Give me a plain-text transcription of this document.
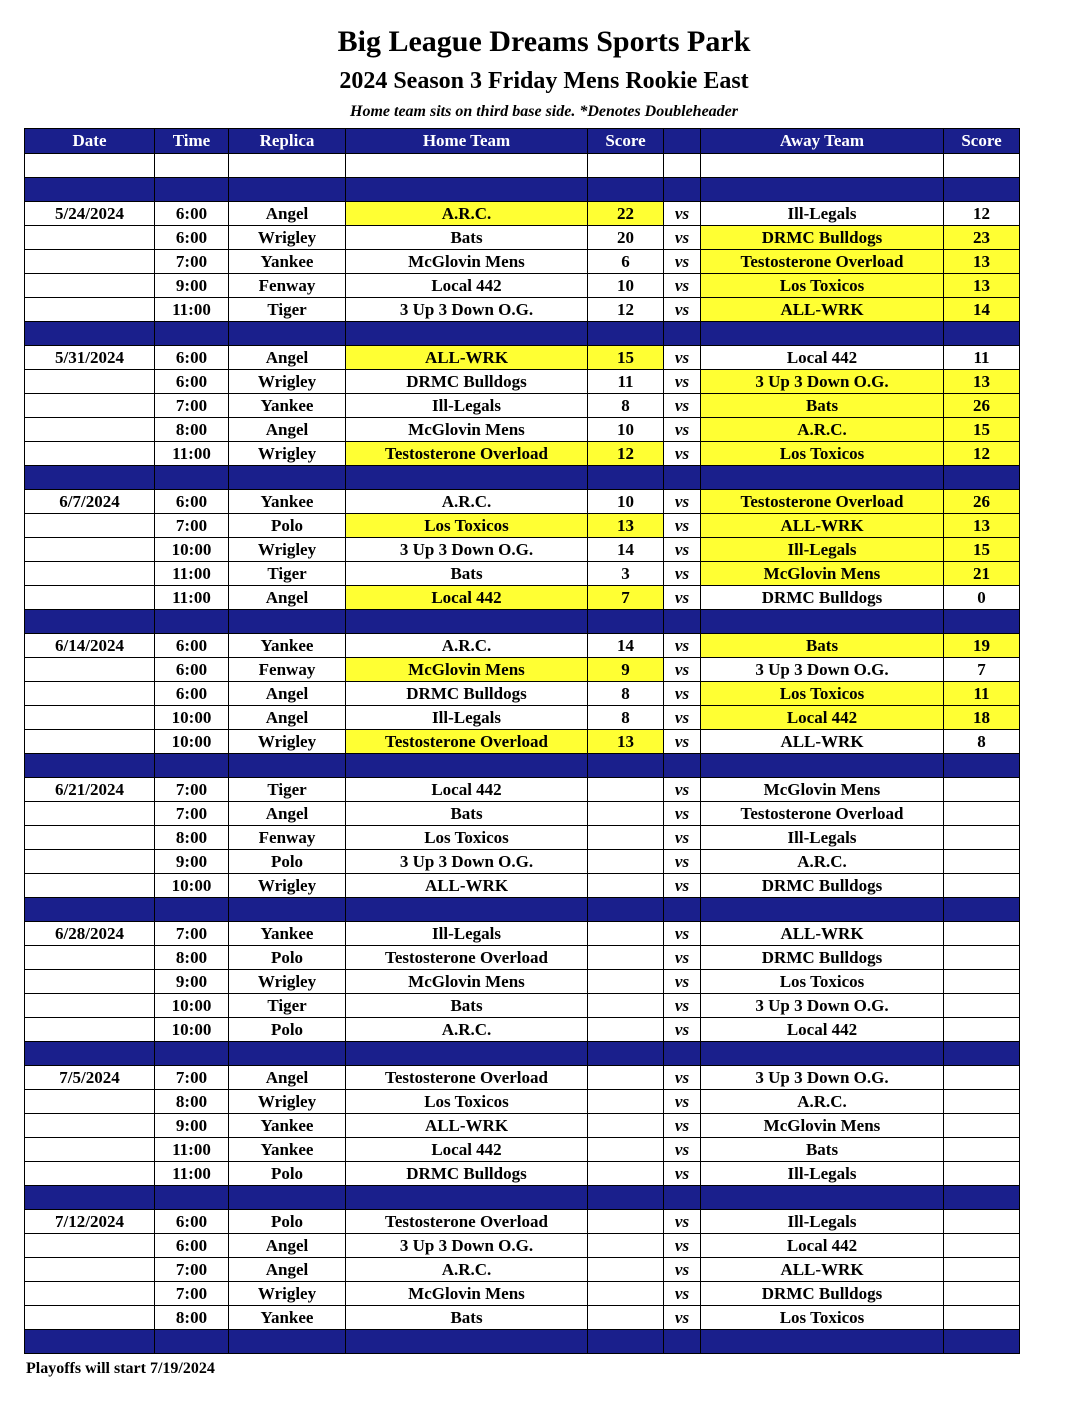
Big League Dreams Sports Park
2024 Season 3 Friday Mens Rookie East
Home team sits on third base side. *Denotes Doubleheader
Date	Time	Replica	Home Team	Score		Away Team	Score

5/24/2024	6:00	Angel	A.R.C.	22	vs	Ill-Legals	12
	6:00	Wrigley	Bats	20	vs	DRMC Bulldogs	23
	7:00	Yankee	McGlovin Mens	6	vs	Testosterone Overload	13
	9:00	Fenway	Local 442	10	vs	Los Toxicos	13
	11:00	Tiger	3 Up 3 Down O.G.	12	vs	ALL-WRK	14

5/31/2024	6:00	Angel	ALL-WRK	15	vs	Local 442	11
	6:00	Wrigley	DRMC Bulldogs	11	vs	3 Up 3 Down O.G.	13
	7:00	Yankee	Ill-Legals	8	vs	Bats	26
	8:00	Angel	McGlovin Mens	10	vs	A.R.C.	15
	11:00	Wrigley	Testosterone Overload	12	vs	Los Toxicos	12

6/7/2024	6:00	Yankee	A.R.C.	10	vs	Testosterone Overload	26
	7:00	Polo	Los Toxicos	13	vs	ALL-WRK	13
	10:00	Wrigley	3 Up 3 Down O.G.	14	vs	Ill-Legals	15
	11:00	Tiger	Bats	3	vs	McGlovin Mens	21
	11:00	Angel	Local 442	7	vs	DRMC Bulldogs	0

6/14/2024	6:00	Yankee	A.R.C.	14	vs	Bats	19
	6:00	Fenway	McGlovin Mens	9	vs	3 Up 3 Down O.G.	7
	6:00	Angel	DRMC Bulldogs	8	vs	Los Toxicos	11
	10:00	Angel	Ill-Legals	8	vs	Local 442	18
	10:00	Wrigley	Testosterone Overload	13	vs	ALL-WRK	8

6/21/2024	7:00	Tiger	Local 442		vs	McGlovin Mens	
	7:00	Angel	Bats		vs	Testosterone Overload	
	8:00	Fenway	Los Toxicos		vs	Ill-Legals	
	9:00	Polo	3 Up 3 Down O.G.		vs	A.R.C.	
	10:00	Wrigley	ALL-WRK		vs	DRMC Bulldogs	

6/28/2024	7:00	Yankee	Ill-Legals		vs	ALL-WRK	
	8:00	Polo	Testosterone Overload		vs	DRMC Bulldogs	
	9:00	Wrigley	McGlovin Mens		vs	Los Toxicos	
	10:00	Tiger	Bats		vs	3 Up 3 Down O.G.	
	10:00	Polo	A.R.C.		vs	Local 442	

7/5/2024	7:00	Angel	Testosterone Overload		vs	3 Up 3 Down O.G.	
	8:00	Wrigley	Los Toxicos		vs	A.R.C.	
	9:00	Yankee	ALL-WRK		vs	McGlovin Mens	
	11:00	Yankee	Local 442		vs	Bats	
	11:00	Polo	DRMC Bulldogs		vs	Ill-Legals	

7/12/2024	6:00	Polo	Testosterone Overload		vs	Ill-Legals	
	6:00	Angel	3 Up 3 Down O.G.		vs	Local 442	
	7:00	Angel	A.R.C.		vs	ALL-WRK	
	7:00	Wrigley	McGlovin Mens		vs	DRMC Bulldogs	
	8:00	Yankee	Bats		vs	Los Toxicos	

Playoffs will start 7/19/2024
